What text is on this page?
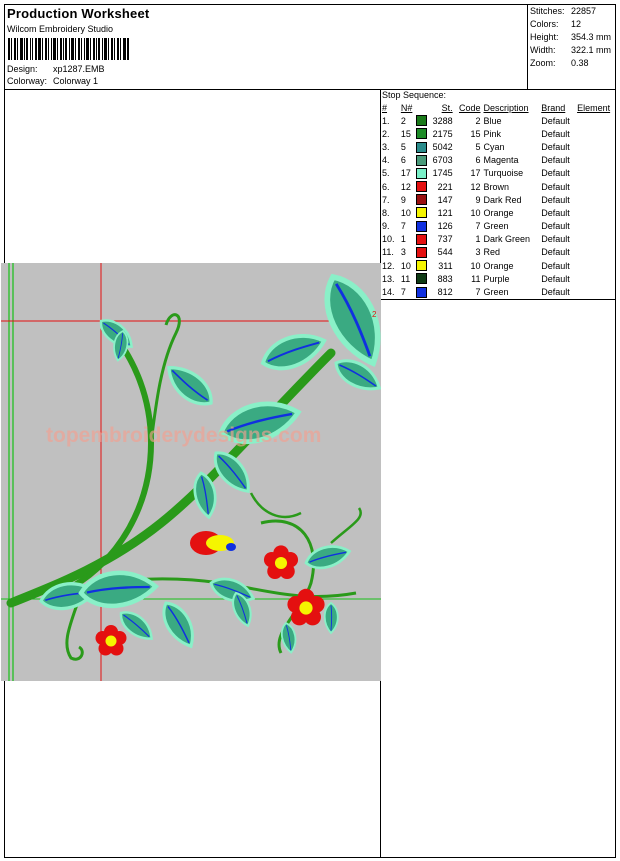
Production Worksheet
Wilcom Embroidery Studio
Design: xp1287.EMB
Colorway: Colorway 1
Stitches: 22857
Colors: 12
Height: 354.3 mm
Width: 322.1 mm
Zoom: 0.38
2
topembroiderydesigns.com
Stop Sequence:
#	N#		St.	Code	Description	Brand	Element
1.	2		3288	2	Blue	Default	
2.	15		2175	15	Pink	Default	
3.	5		5042	5	Cyan	Default	
4.	6		6703	6	Magenta	Default	
5.	17		1745	17	Turquoise	Default	
6.	12		221	12	Brown	Default	
7.	9		147	9	Dark Red	Default	
8.	10		121	10	Orange	Default	
9.	7		126	7	Green	Default	
10.	1		737	1	Dark Green	Default	
11.	3		544	3	Red	Default	
12.	10		311	10	Orange	Default	
13.	11		883	11	Purple	Default	
14.	7		812	7	Green	Default	
